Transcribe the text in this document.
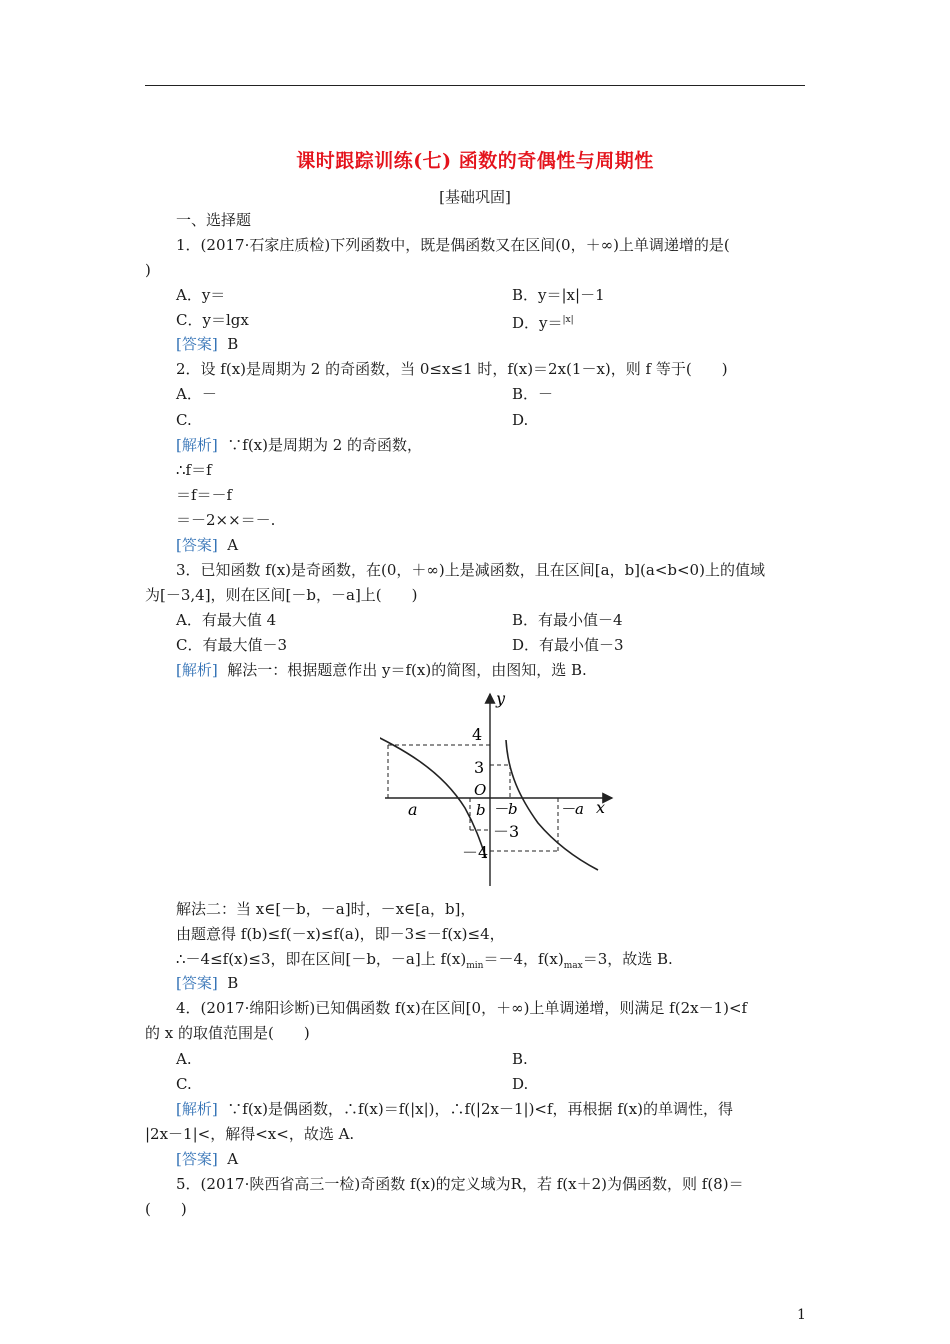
课时跟踪训练(七) 函数的奇偶性与周期性
[基础巩固]
一、选择题
1．(2017·石家庄质检)下列函数中，既是偶函数又在区间(0，＋∞)上单调递增的是(
)
A．y＝	B．y＝|x|－1
C．y＝lgx	D．y＝$^{|x|}$
[答案] B
2．设 f(x)是周期为 2 的奇函数，当 0≤x≤1 时，f(x)＝2x(1－x)，则 f 等于(　　)
A．－	B．－
C.	D.
[解析] ∵f(x)是周期为 2 的奇函数，
∴f＝f
＝f＝－f
＝－2××＝－.
[答案] A
3．已知函数 f(x)是奇函数，在(0，＋∞)上是减函数，且在区间[a，b](a<b<0)上的值域
为[－3,4]，则在区间[－b，－a]上(　　)
A．有最大值 4	B．有最小值－4
C．有最大值－3	D．有最小值－3
[解析] 解法一：根据题意作出 y＝f(x)的简图，由图知，选 B.
y
x
O
a	b －b	－a
4
3
－3
－4
解法二：当 x∈[－b，－a]时，－x∈[a，b]，
由题意得 f(b)≤f(－x)≤f(a)，即－3≤－f(x)≤4，
∴－4≤f(x)≤3，即在区间[－b，－a]上 $f(x)_{min}=-4$，$f(x)_{max}=3$，故选 B.
[答案] B
4．(2017·绵阳诊断)已知偶函数 f(x)在区间[0，＋∞)上单调递增，则满足 f(2x－1)<f
的 x 的取值范围是(　　)
A.	B.
C.	D.
[解析] ∵f(x)是偶函数，∴f(x)＝f(|x|)，∴f(|2x－1|)<f，再根据 f(x)的单调性，得
|2x－1|<，解得<x<，故选 A.
[答案] A
5．(2017·陕西省高三一检)奇函数 f(x)的定义域为R，若 f(x＋2)为偶函数，则 f(8)＝
(　　)
1
